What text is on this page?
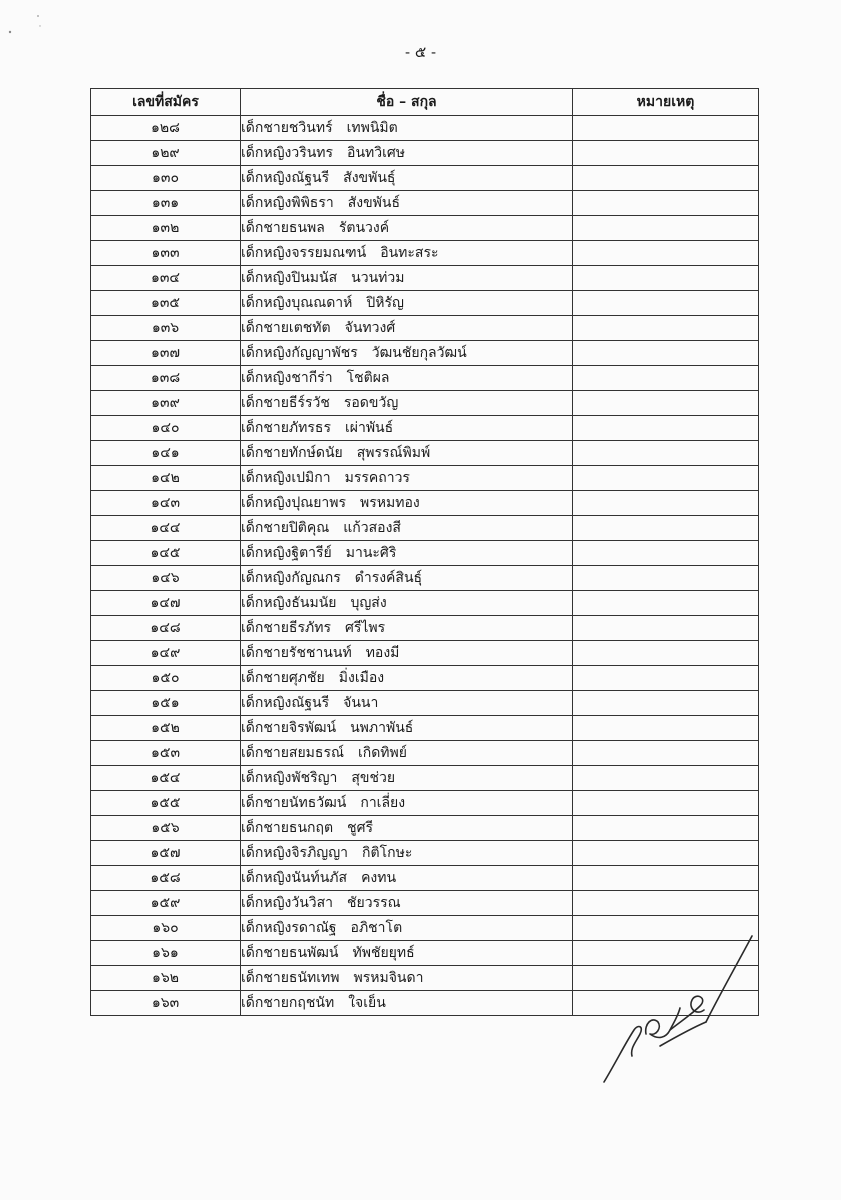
- ๕ -
เลขที่สมัคร	ชื่อ – สกุล	หมายเหตุ
๑๒๘	เด็กชายชวินทร์ เทพนิมิต	
๑๒๙	เด็กหญิงวรินทร อินทวิเศษ	
๑๓๐	เด็กหญิงณัฐนรี สังขพันธุ์	
๑๓๑	เด็กหญิงพิพิธรา สังขพันธ์	
๑๓๒	เด็กชายธนพล รัตนวงค์	
๑๓๓	เด็กหญิงจรรยมณฑน์ อินทะสระ	
๑๓๔	เด็กหญิงปินมนัส นวนท่วม	
๑๓๕	เด็กหญิงบุณณดาห์ ปิหิรัญ	
๑๓๖	เด็กชายเตชทัต จันทวงศ์	
๑๓๗	เด็กหญิงกัญญาพัชร วัฒนชัยกุลวัฒน์	
๑๓๘	เด็กหญิงชากีร่า โชติผล	
๑๓๙	เด็กชายธีร์รวัช รอดขวัญ	
๑๔๐	เด็กชายภัทรธร เผ่าพันธ์	
๑๔๑	เด็กชายทักษ์ดนัย สุพรรณ์พิมพ์	
๑๔๒	เด็กหญิงเปมิกา มรรคถาวร	
๑๔๓	เด็กหญิงปุณยาพร พรหมทอง	
๑๔๔	เด็กชายปิติคุณ แก้วสองสี	
๑๔๕	เด็กหญิงฐิตารีย์ มานะศิริ	
๑๔๖	เด็กหญิงกัญณกร ดำรงค์สินธุ์	
๑๔๗	เด็กหญิงธันมนัย บุญส่ง	
๑๔๘	เด็กชายธีรภัทร ศรีไพร	
๑๔๙	เด็กชายรัชชานนท์ ทองมี	
๑๕๐	เด็กชายศุภชัย มิ่งเมือง	
๑๕๑	เด็กหญิงณัฐนรี จันนา	
๑๕๒	เด็กชายจิรพัฒน์ นพภาพันธ์	
๑๕๓	เด็กชายสยมธรณ์ เกิดทิพย์	
๑๕๔	เด็กหญิงพัชริญา สุขช่วย	
๑๕๕	เด็กชายนัทธวัฒน์ กาเลี่ยง	
๑๕๖	เด็กชายธนกฤต ชูศรี	
๑๕๗	เด็กหญิงจิรภิญญา กิติโกษะ	
๑๕๘	เด็กหญิงนันท์นภัส คงทน	
๑๕๙	เด็กหญิงวันวิสา ชัยวรรณ	
๑๖๐	เด็กหญิงรดาณัฐ อภิชาโต	
๑๖๑	เด็กชายธนพัฒน์ ทัพชัยยุทธ์	
๑๖๒	เด็กชายธนัทเทพ พรหมจินดา	
๑๖๓	เด็กชายกฤชนัท ใจเย็น	
